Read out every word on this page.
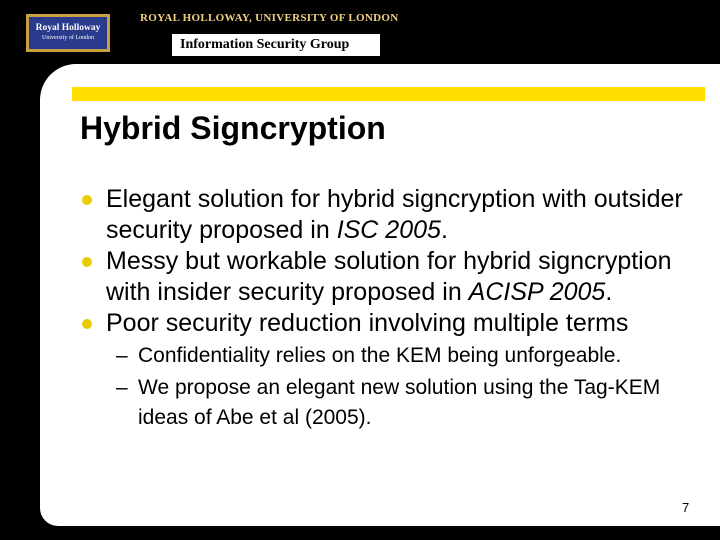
Royal Holloway
University of London
ROYAL HOLLOWAY, UNIVERSITY OF LONDON
Information Security Group
Hybrid Signcryption
Elegant solution for hybrid signcryption with outsider security proposed in ISC 2005.
Messy but workable solution for hybrid signcryption with insider security proposed in ACISP 2005.
Poor security reduction involving multiple terms
– Confidentiality relies on the KEM being unforgeable.
– We propose an elegant new solution using the Tag-KEM ideas of Abe et al (2005).
7
